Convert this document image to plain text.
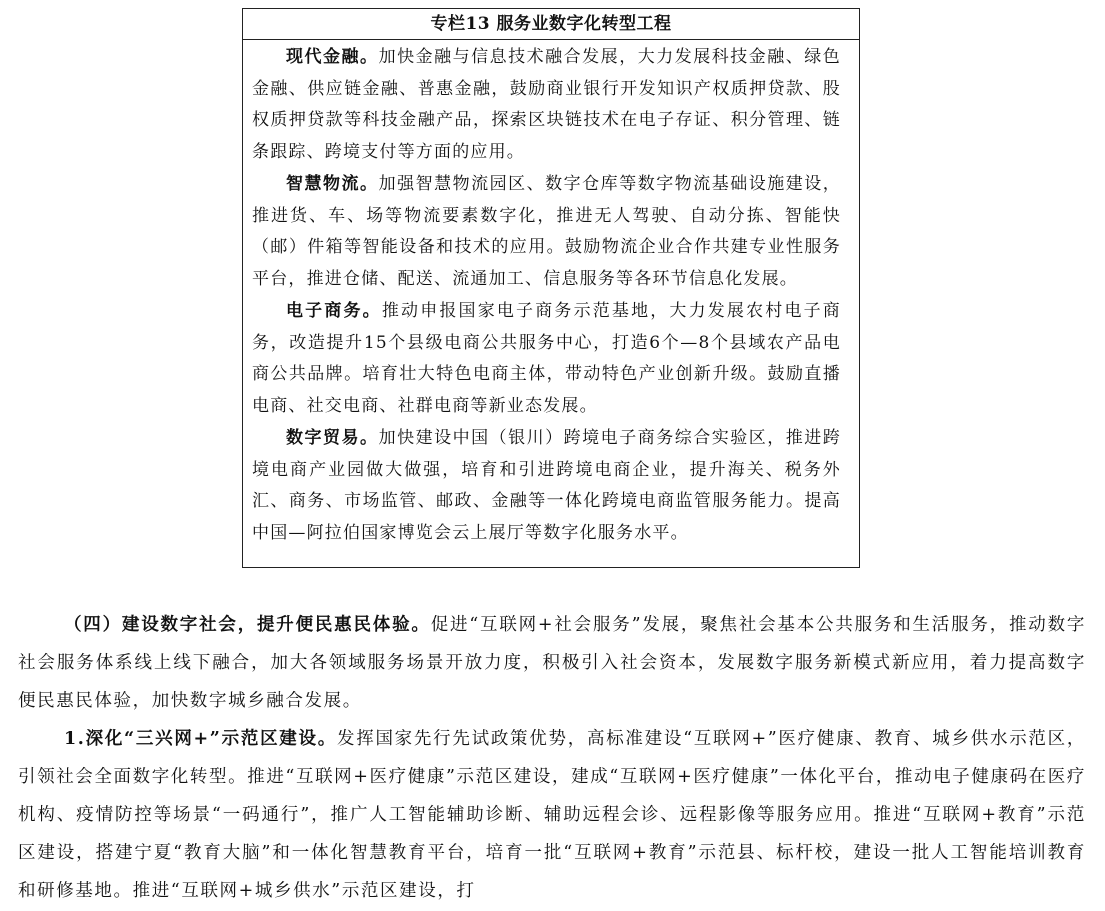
专栏13 服务业数字化转型工程

现代金融。加快金融与信息技术融合发展，大力发展科技金融、绿色金融、供应链金融、普惠金融，鼓励商业银行开发知识产权质押贷款、股权质押贷款等科技金融产品，探索区块链技术在电子存证、积分管理、链条跟踪、跨境支付等方面的应用。

智慧物流。加强智慧物流园区、数字仓库等数字物流基础设施建设，推进货、车、场等物流要素数字化，推进无人驾驶、自动分拣、智能快（邮）件箱等智能设备和技术的应用。鼓励物流企业合作共建专业性服务平台，推进仓储、配送、流通加工、信息服务等各环节信息化发展。

电子商务。推动申报国家电子商务示范基地，大力发展农村电子商务，改造提升15个县级电商公共服务中心，打造6个—8个县域农产品电商公共品牌。培育壮大特色电商主体，带动特色产业创新升级。鼓励直播电商、社交电商、社群电商等新业态发展。

数字贸易。加快建设中国（银川）跨境电子商务综合实验区，推进跨境电商产业园做大做强，培育和引进跨境电商企业，提升海关、税务外汇、商务、市场监管、邮政、金融等一体化跨境电商监管服务能力。提高中国—阿拉伯国家博览会云上展厅等数字化服务水平。

（四）建设数字社会，提升便民惠民体验。促进“互联网+社会服务”发展，聚焦社会基本公共服务和生活服务，推动数字社会服务体系线上线下融合，加大各领域服务场景开放力度，积极引入社会资本，发展数字服务新模式新应用，着力提高数字便民惠民体验，加快数字城乡融合发展。

1.深化“三兴网+”示范区建设。发挥国家先行先试政策优势，高标准建设“互联网+”医疗健康、教育、城乡供水示范区，引领社会全面数字化转型。推进“互联网+医疗健康”示范区建设，建成“互联网+医疗健康”一体化平台，推动电子健康码在医疗机构、疫情防控等场景“一码通行”，推广人工智能辅助诊断、辅助远程会诊、远程影像等服务应用。推进“互联网+教育”示范区建设，搭建宁夏“教育大脑”和一体化智慧教育平台，培育一批“互联网+教育”示范县、标杆校，建设一批人工智能培训教育和研修基地。推进“互联网+城乡供水”示范区建设，打
